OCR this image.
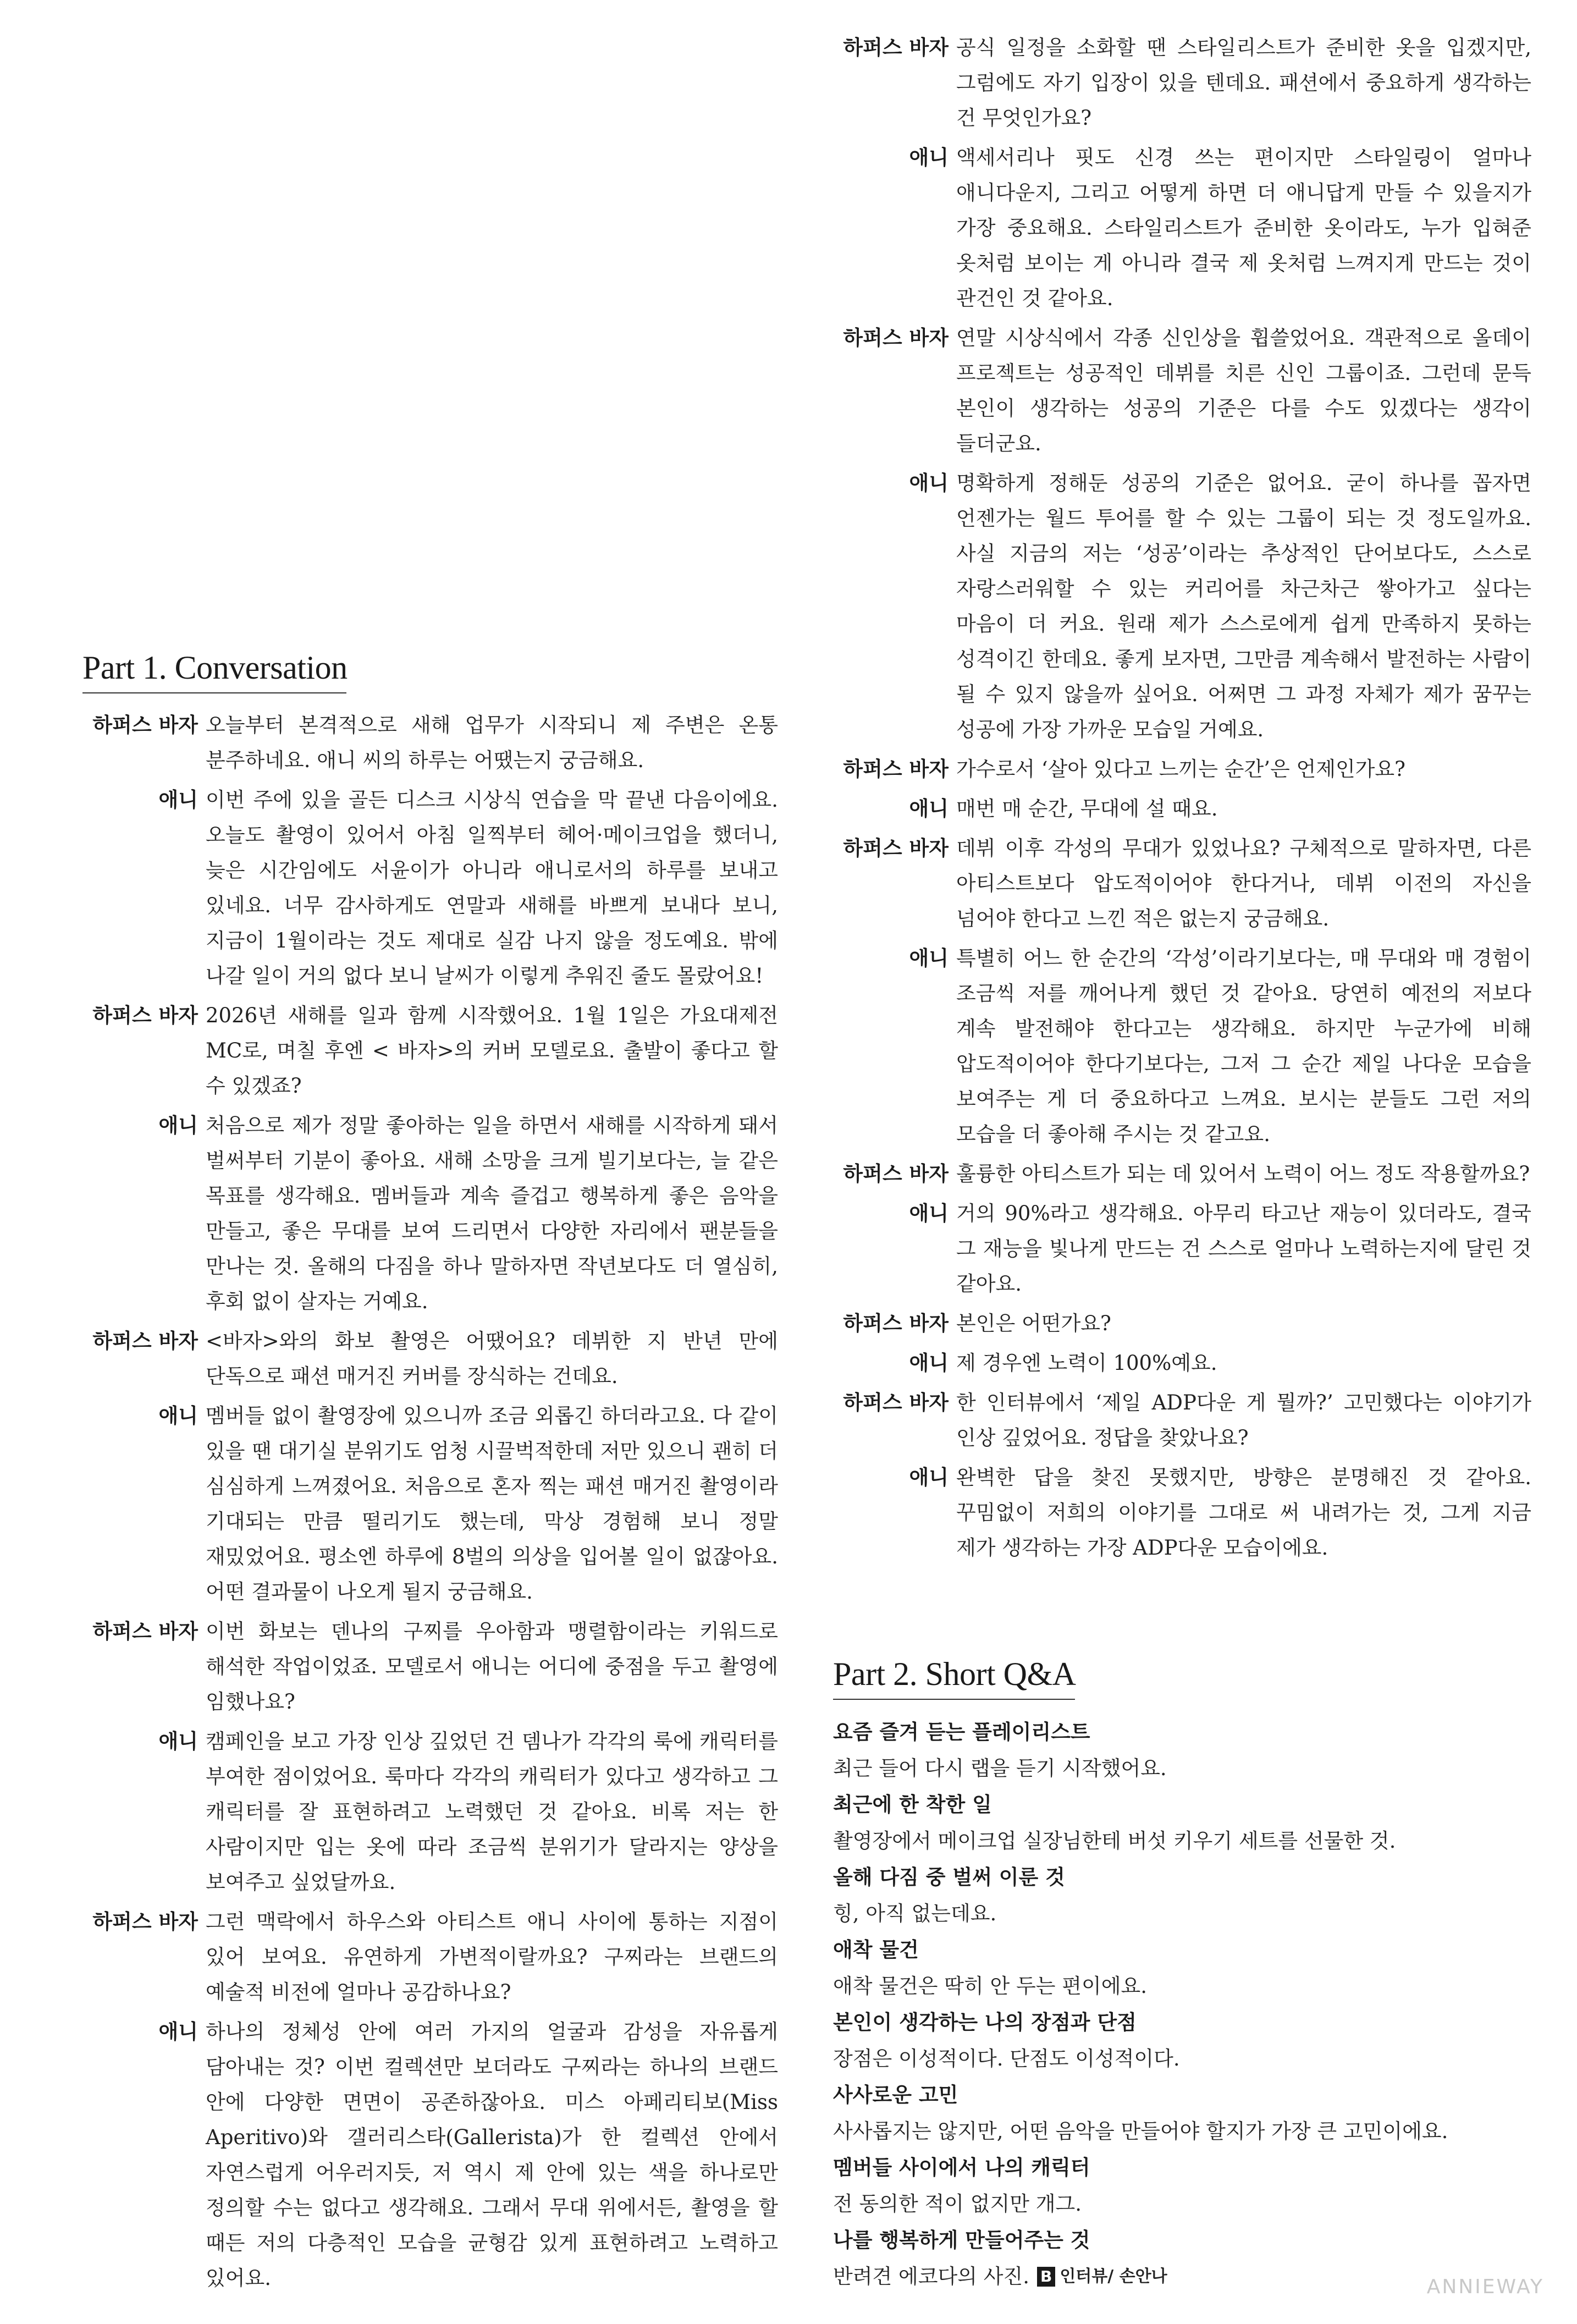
하퍼스 바자 공식 일정을 소화할 땐 스타일리스트가 준비한 옷을 입겠지만, 그럼에도 자기 입장이 있을 텐데요. 패션에서 중요하게 생각하는 건 무엇인가요?
애니 액세서리나 핏도 신경 쓰는 편이지만 스타일링이 얼마나 애니다운지, 그리고 어떻게 하면 더 애니답게 만들 수 있을지가 가장 중요해요. 스타일리스트가 준비한 옷이라도, 누가 입혀준 옷처럼 보이는 게 아니라 결국 제 옷처럼 느껴지게 만드는 것이 관건인 것 같아요.
하퍼스 바자 연말 시상식에서 각종 신인상을 휩쓸었어요. 객관적으로 올데이 프로젝트는 성공적인 데뷔를 치른 신인 그룹이죠. 그런데 문득 본인이 생각하는 성공의 기준은 다를 수도 있겠다는 생각이 들더군요.
애니 명확하게 정해둔 성공의 기준은 없어요. 굳이 하나를 꼽자면 언젠가는 월드 투어를 할 수 있는 그룹이 되는 것 정도일까요. 사실 지금의 저는 ‘성공’이라는 추상적인 단어보다도, 스스로 자랑스러워할 수 있는 커리어를 차근차근 쌓아가고 싶다는 마음이 더 커요. 원래 제가 스스로에게 쉽게 만족하지 못하는 성격이긴 한데요. 좋게 보자면, 그만큼 계속해서 발전하는 사람이 될 수 있지 않을까 싶어요. 어쩌면 그 과정 자체가 제가 꿈꾸는 성공에 가장 가까운 모습일 거예요.
하퍼스 바자 가수로서 ‘살아 있다고 느끼는 순간’은 언제인가요?
애니 매번 매 순간, 무대에 설 때요.
하퍼스 바자 데뷔 이후 각성의 무대가 있었나요? 구체적으로 말하자면, 다른 아티스트보다 압도적이어야 한다거나, 데뷔 이전의 자신을 넘어야 한다고 느낀 적은 없는지 궁금해요.
애니 특별히 어느 한 순간의 ‘각성’이라기보다는, 매 무대와 매 경험이 조금씩 저를 깨어나게 했던 것 같아요. 당연히 예전의 저보다 계속 발전해야 한다고는 생각해요. 하지만 누군가에 비해 압도적이어야 한다기보다는, 그저 그 순간 제일 나다운 모습을 보여주는 게 더 중요하다고 느껴요. 보시는 분들도 그런 저의 모습을 더 좋아해 주시는 것 같고요.
하퍼스 바자 훌륭한 아티스트가 되는 데 있어서 노력이 어느 정도 작용할까요?
애니 거의 90%라고 생각해요. 아무리 타고난 재능이 있더라도, 결국 그 재능을 빛나게 만드는 건 스스로 얼마나 노력하는지에 달린 것 같아요.
하퍼스 바자 본인은 어떤가요?
애니 제 경우엔 노력이 100%예요.
하퍼스 바자 한 인터뷰에서 ‘제일 ADP다운 게 뭘까?’ 고민했다는 이야기가 인상 깊었어요. 정답을 찾았나요?
애니 완벽한 답을 찾진 못했지만, 방향은 분명해진 것 같아요. 꾸밈없이 저희의 이야기를 그대로 써 내려가는 것, 그게 지금 제가 생각하는 가장 ADP다운 모습이에요.
Part 1. Conversation
하퍼스 바자 오늘부터 본격적으로 새해 업무가 시작되니 제 주변은 온통 분주하네요. 애니 씨의 하루는 어땠는지 궁금해요.
애니 이번 주에 있을 골든 디스크 시상식 연습을 막 끝낸 다음이에요. 오늘도 촬영이 있어서 아침 일찍부터 헤어·메이크업을 했더니, 늦은 시간임에도 서윤이가 아니라 애니로서의 하루를 보내고 있네요. 너무 감사하게도 연말과 새해를 바쁘게 보내다 보니, 지금이 1월이라는 것도 제대로 실감 나지 않을 정도예요. 밖에 나갈 일이 거의 없다 보니 날씨가 이렇게 추워진 줄도 몰랐어요!
하퍼스 바자 2026년 새해를 일과 함께 시작했어요. 1월 1일은 가요대제전 MC로, 며칠 후엔 < 바자>의 커버 모델로요. 출발이 좋다고 할 수 있겠죠?
애니 처음으로 제가 정말 좋아하는 일을 하면서 새해를 시작하게 돼서 벌써부터 기분이 좋아요. 새해 소망을 크게 빌기보다는, 늘 같은 목표를 생각해요. 멤버들과 계속 즐겁고 행복하게 좋은 음악을 만들고, 좋은 무대를 보여 드리면서 다양한 자리에서 팬분들을 만나는 것. 올해의 다짐을 하나 말하자면 작년보다도 더 열심히, 후회 없이 살자는 거예요.
하퍼스 바자 <바자>와의 화보 촬영은 어땠어요? 데뷔한 지 반년 만에 단독으로 패션 매거진 커버를 장식하는 건데요.
애니 멤버들 없이 촬영장에 있으니까 조금 외롭긴 하더라고요. 다 같이 있을 땐 대기실 분위기도 엄청 시끌벅적한데 저만 있으니 괜히 더 심심하게 느껴졌어요. 처음으로 혼자 찍는 패션 매거진 촬영이라 기대되는 만큼 떨리기도 했는데, 막상 경험해 보니 정말 재밌었어요. 평소엔 하루에 8벌의 의상을 입어볼 일이 없잖아요. 어떤 결과물이 나오게 될지 궁금해요.
하퍼스 바자 이번 화보는 덴나의 구찌를 우아함과 맹렬함이라는 키워드로 해석한 작업이었죠. 모델로서 애니는 어디에 중점을 두고 촬영에 임했나요?
애니 캠페인을 보고 가장 인상 깊었던 건 뎀나가 각각의 룩에 캐릭터를 부여한 점이었어요. 룩마다 각각의 캐릭터가 있다고 생각하고 그 캐릭터를 잘 표현하려고 노력했던 것 같아요. 비록 저는 한 사람이지만 입는 옷에 따라 조금씩 분위기가 달라지는 양상을 보여주고 싶었달까요.
하퍼스 바자 그런 맥락에서 하우스와 아티스트 애니 사이에 통하는 지점이 있어 보여요. 유연하게 가변적이랄까요? 구찌라는 브랜드의 예술적 비전에 얼마나 공감하나요?
애니 하나의 정체성 안에 여러 가지의 얼굴과 감성을 자유롭게 담아내는 것? 이번 컬렉션만 보더라도 구찌라는 하나의 브랜드 안에 다양한 면면이 공존하잖아요. 미스 아페리티보(Miss Aperitivo)와 갤러리스타(Gallerista)가 한 컬렉션 안에서 자연스럽게 어우러지듯, 저 역시 제 안에 있는 색을 하나로만 정의할 수는 없다고 생각해요. 그래서 무대 위에서든, 촬영을 할 때든 저의 다층적인 모습을 균형감 있게 표현하려고 노력하고 있어요.
Part 2. Short Q&A
요즘 즐겨 듣는 플레이리스트
최근 들어 다시 랩을 듣기 시작했어요.
최근에 한 착한 일
촬영장에서 메이크업 실장님한테 버섯 키우기 세트를 선물한 것.
올해 다짐 중 벌써 이룬 것
힝, 아직 없는데요.
애착 물건
애착 물건은 딱히 안 두는 편이에요.
본인이 생각하는 나의 장점과 단점
장점은 이성적이다. 단점도 이성적이다.
사사로운 고민
사사롭지는 않지만, 어떤 음악을 만들어야 할지가 가장 큰 고민이에요.
멤버들 사이에서 나의 캐릭터
전 동의한 적이 없지만 개그.
나를 행복하게 만들어주는 것
반려견 에코다의 사진. B 인터뷰/ 손안나	ANNIEWAY
